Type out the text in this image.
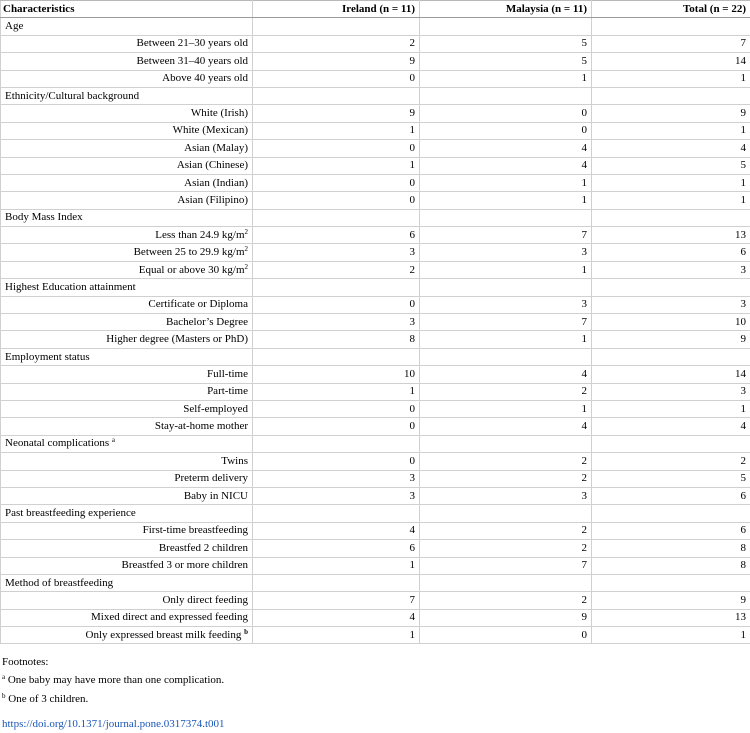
Characteristics	Ireland (n = 11)	Malaysia (n = 11)	Total (n = 22)
Age			
Between 21–30 years old	2	5	7
Between 31–40 years old	9	5	14
Above 40 years old	0	1	1
Ethnicity/Cultural background			
White (Irish)	9	0	9
White (Mexican)	1	0	1
Asian (Malay)	0	4	4
Asian (Chinese)	1	4	5
Asian (Indian)	0	1	1
Asian (Filipino)	0	1	1
Body Mass Index			
Less than 24.9 $kg/m^2$	6	7	13
Between 25 to 29.9 $kg/m^2$	3	3	6
Equal or above 30 $kg/m^2$	2	1	3
Highest Education attainment			
Certificate or Diploma	0	3	3
Bachelor’s Degree	3	7	10
Higher degree (Masters or PhD)	8	1	9
Employment status			
Full-time	10	4	14
Part-time	1	2	3
Self-employed	0	1	1
Stay-at-home mother	0	4	4
Neonatal complications $^a$			
Twins	0	2	2
Preterm delivery	3	2	5
Baby in NICU	3	3	6
Past breastfeeding experience			
First-time breastfeeding	4	2	6
Breastfed 2 children	6	2	8
Breastfed 3 or more children	1	7	8
Method of breastfeeding			
Only direct feeding	7	2	9
Mixed direct and expressed feeding	4	9	13
Only expressed breast milk feeding $^b$	1	0	1
Footnotes:
$^a$ One baby may have more than one complication.
$^b$ One of 3 children.
https://doi.org/10.1371/journal.pone.0317374.t001
